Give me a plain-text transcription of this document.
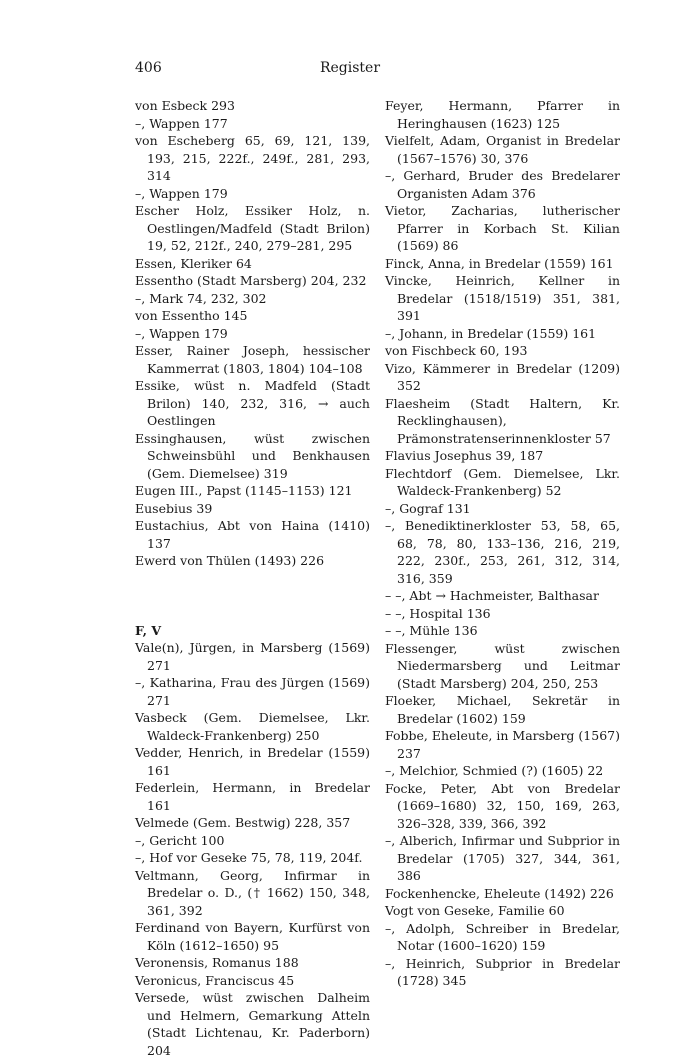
406	Register
von Esbeck 293
–, Wappen 177
von Escheberg 65, 69, 121, 139, 193, 215, 222f., 249f., 281, 293, 314
–, Wappen 179
Escher Holz, Essiker Holz, n. Oestlingen/Madfeld (Stadt Brilon) 19, 52, 212f., 240, 279–281, 295
Essen, Kleriker 64
Essentho (Stadt Marsberg) 204, 232
–, Mark 74, 232, 302
von Essentho 145
–, Wappen 179
Esser, Rainer Joseph, hessischer Kammerrat (1803, 1804) 104–108
Essike, wüst n. Madfeld (Stadt Brilon) 140, 232, 316, → auch Oestlingen
Essinghausen, wüst zwischen Schweinsbühl und Benkhausen (Gem. Diemelsee) 319
Eugen III., Papst (1145–1153) 121
Eusebius 39
Eustachius, Abt von Haina (1410) 137
Ewerd von Thülen (1493) 226
F, V
Vale(n), Jürgen, in Marsberg (1569) 271
–, Katharina, Frau des Jürgen (1569) 271
Vasbeck (Gem. Diemelsee, Lkr. Waldeck-Frankenberg) 250
Vedder, Henrich, in Bredelar (1559) 161
Federlein, Hermann, in Bredelar 161
Velmede (Gem. Bestwig) 228, 357
–, Gericht 100
–, Hof vor Geseke 75, 78, 119, 204f.
Veltmann, Georg, Infirmar in Bredelar o. D., († 1662) 150, 348, 361, 392
Ferdinand von Bayern, Kurfürst von Köln (1612–1650) 95
Veronensis, Romanus 188
Veronicus, Franciscus 45
Versede, wüst zwischen Dalheim und Helmern, Gemarkung Atteln (Stadt Lichtenau, Kr. Paderborn) 204
Feyer, Hermann, Pfarrer in Heringhausen (1623) 125
Vielfelt, Adam, Organist in Bredelar (1567–1576) 30, 376
–, Gerhard, Bruder des Bredelarer Organisten Adam 376
Vietor, Zacharias, lutherischer Pfarrer in Korbach St. Kilian (1569) 86
Finck, Anna, in Bredelar (1559) 161
Vincke, Heinrich, Kellner in Bredelar (1518/1519) 351, 381, 391
–, Johann, in Bredelar (1559) 161
von Fischbeck 60, 193
Vizo, Kämmerer in Bredelar (1209) 352
Flaesheim (Stadt Haltern, Kr. Recklinghausen), Prämonstratenserinnenkloster 57
Flavius Josephus 39, 187
Flechtdorf (Gem. Diemelsee, Lkr. Waldeck-Frankenberg) 52
–, Gograf 131
–, Benediktinerkloster 53, 58, 65, 68, 78, 80, 133–136, 216, 219, 222, 230f., 253, 261, 312, 314, 316, 359
– –, Abt → Hachmeister, Balthasar
– –, Hospital 136
– –, Mühle 136
Flessenger, wüst zwischen Niedermarsberg und Leitmar (Stadt Marsberg) 204, 250, 253
Floeker, Michael, Sekretär in Bredelar (1602) 159
Fobbe, Eheleute, in Marsberg (1567) 237
–, Melchior, Schmied (?) (1605) 22
Focke, Peter, Abt von Bredelar (1669–1680) 32, 150, 169, 263, 326–328, 339, 366, 392
–, Alberich, Infirmar und Subprior in Bredelar (1705) 327, 344, 361, 386
Fockenhencke, Eheleute (1492) 226
Vogt von Geseke, Familie 60
–, Adolph, Schreiber in Bredelar, Notar (1600–1620) 159
–, Heinrich, Subprior in Bredelar (1728) 345
